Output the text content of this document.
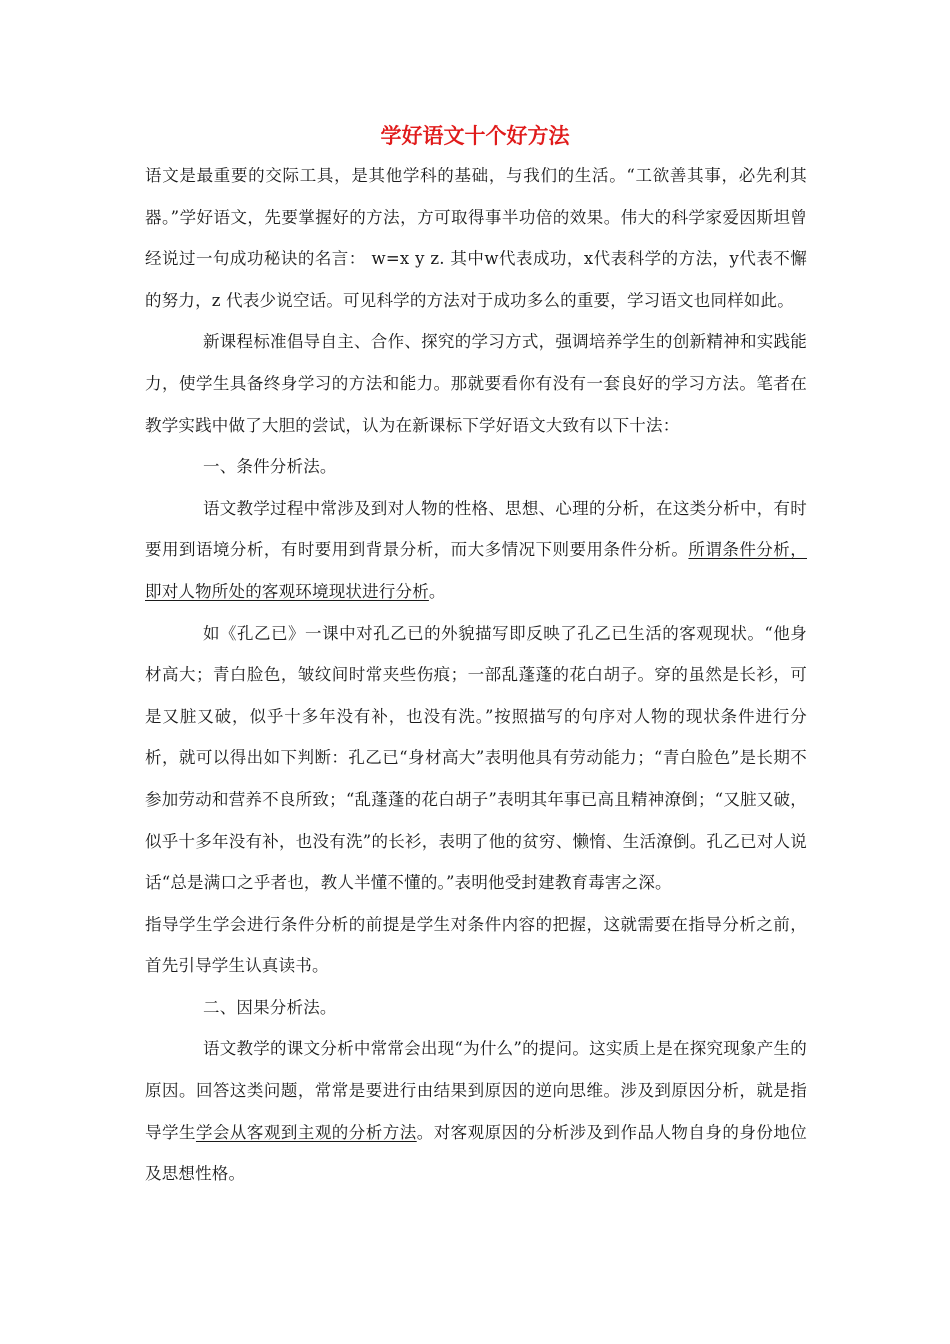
学好语文十个好方法

语文是最重要的交际工具，是其他学科的基础，与我们的生活。“工欲善其事，必先利其器。”学好语文，先要掌握好的方法，方可取得事半功倍的效果。伟大的科学家爱因斯坦曾经说过一句成功秘诀的名言： w=x y z. 其中w代表成功，x代表科学的方法，y代表不懈的努力，z 代表少说空话。可见科学的方法对于成功多么的重要，学习语文也同样如此。

新课程标准倡导自主、合作、探究的学习方式，强调培养学生的创新精神和实践能力，使学生具备终身学习的方法和能力。那就要看你有没有一套良好的学习方法。笔者在教学实践中做了大胆的尝试，认为在新课标下学好语文大致有以下十法：

一、条件分析法。

语文教学过程中常涉及到对人物的性格、思想、心理的分析，在这类分析中，有时要用到语境分析，有时要用到背景分析，而大多情况下则要用条件分析。所谓条件分析，即对人物所处的客观环境现状进行分析。

如《孔乙已》一课中对孔乙已的外貌描写即反映了孔乙已生活的客观现状。“他身材高大；青白脸色，皱纹间时常夹些伤痕；一部乱蓬蓬的花白胡子。穿的虽然是长衫，可是又脏又破，似乎十多年没有补，也没有洗。”按照描写的句序对人物的现状条件进行分析，就可以得出如下判断：孔乙已“身材高大”表明他具有劳动能力；“青白脸色”是长期不参加劳动和营养不良所致；“乱蓬蓬的花白胡子”表明其年事已高且精神潦倒；“又脏又破，似乎十多年没有补，也没有洗”的长衫，表明了他的贫穷、懒惰、生活潦倒。孔乙已对人说话“总是满口之乎者也，教人半懂不懂的。”表明他受封建教育毒害之深。

指导学生学会进行条件分析的前提是学生对条件内容的把握，这就需要在指导分析之前，首先引导学生认真读书。

二、因果分析法。

语文教学的课文分析中常常会出现“为什么”的提问。这实质上是在探究现象产生的原因。回答这类问题，常常是要进行由结果到原因的逆向思维。涉及到原因分析，就是指导学生学会从客观到主观的分析方法。对客观原因的分析涉及到作品人物自身的身份地位及思想性格。
